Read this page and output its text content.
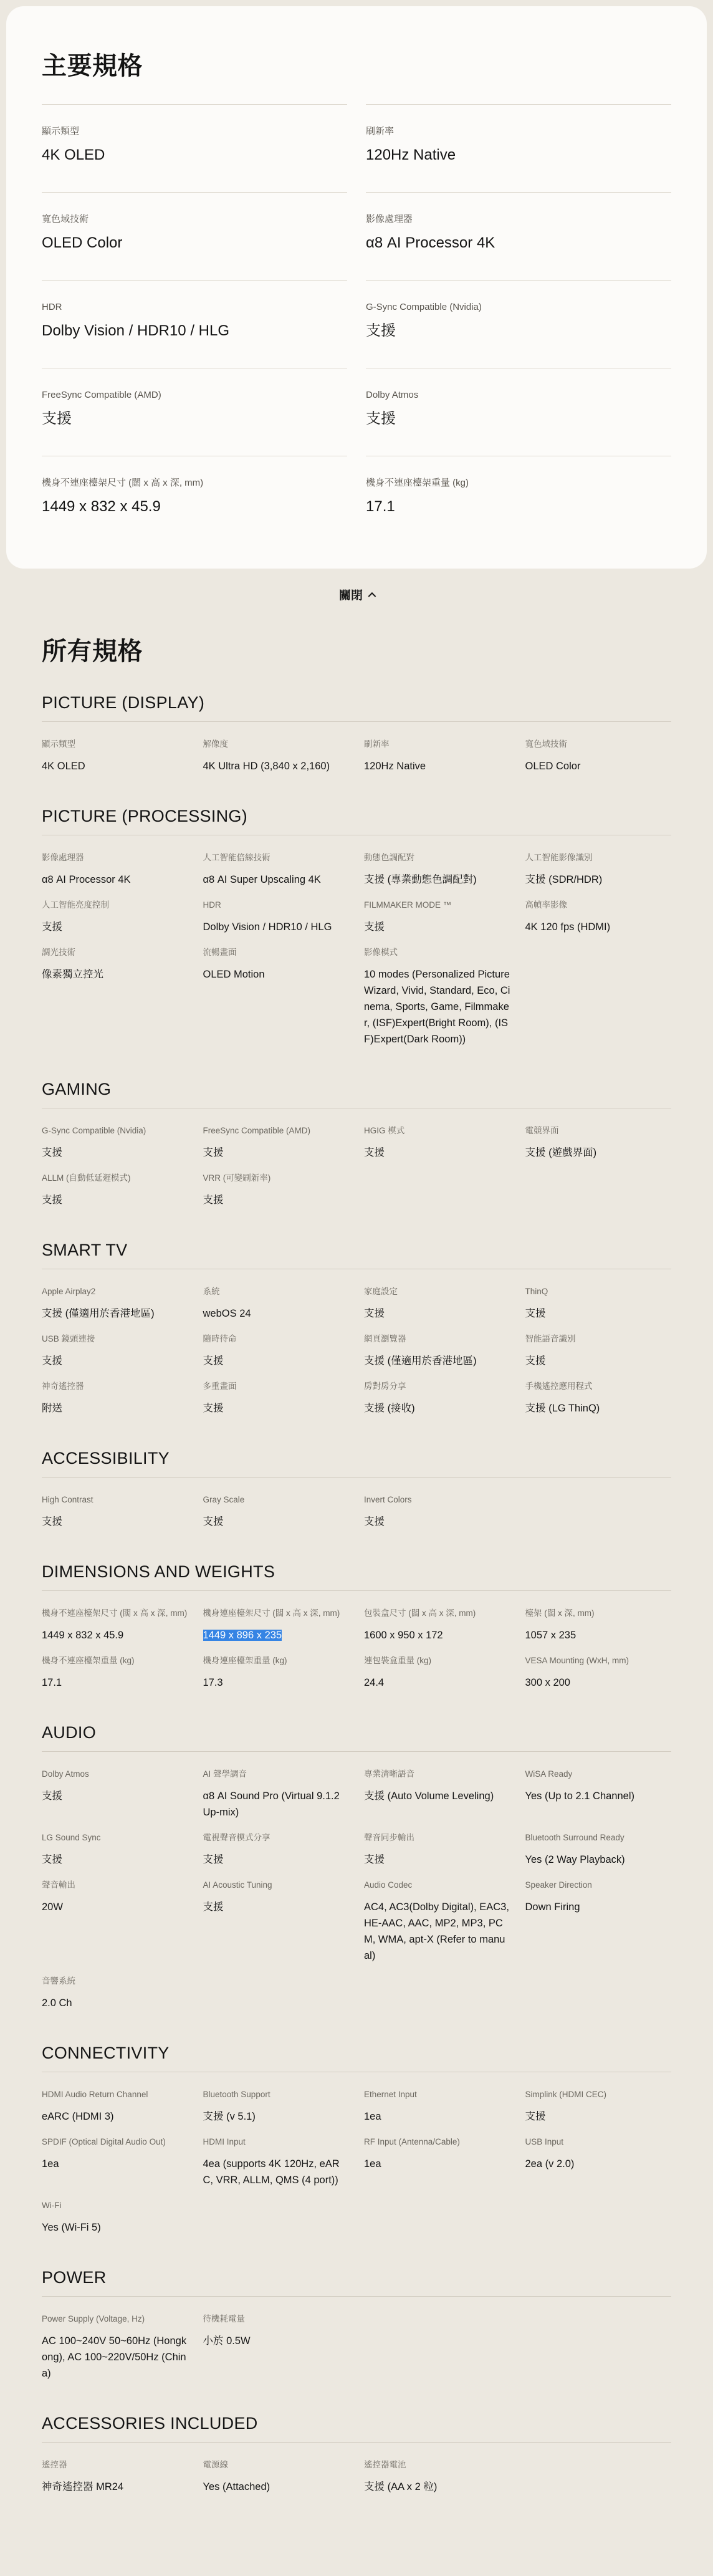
主要規格
顯示類型
4K OLED
刷新率
120Hz Native
寬色域技術
OLED Color
影像處理器
α8 AI Processor 4K
HDR
Dolby Vision / HDR10 / HLG
G-Sync Compatible (Nvidia)
支援
FreeSync Compatible (AMD)
支援
Dolby Atmos
支援
機身不連座檯架尺寸 (闊 x 高 x 深, mm)
1449 x 832 x 45.9
機身不連座檯架重量 (kg)
17.1
關閉
所有規格
PICTURE (DISPLAY)
顯示類型
4K OLED
解像度
4K Ultra HD (3,840 x 2,160)
刷新率
120Hz Native
寬色域技術
OLED Color
PICTURE (PROCESSING)
影像處理器
α8 AI Processor 4K
人工智能倍線技術
α8 AI Super Upscaling 4K
動態色調配對
支援 (專業動態色調配對)
人工智能影像識別
支援 (SDR/HDR)
人工智能亮度控制
支援
HDR
Dolby Vision / HDR10 / HLG
FILMMAKER MODE ™
支援
高幀率影像
4K 120 fps (HDMI)
調光技術
像素獨立控光
流暢畫面
OLED Motion
影像模式
10 modes (Personalized Picture Wizard, Vivid, Standard, Eco, Cinema, Sports, Game, Filmmaker, (ISF)Expert(Bright Room), (ISF)Expert(Dark Room))
GAMING
G-Sync Compatible (Nvidia)
支援
FreeSync Compatible (AMD)
支援
HGIG 模式
支援
電競界面
支援 (遊戲界面)
ALLM (自動低延遲模式)
支援
VRR (可變刷新率)
支援
SMART TV
Apple Airplay2
支援 (僅適用於香港地區)
系統
webOS 24
家庭設定
支援
ThinQ
支援
USB 鏡頭連接
支援
隨時待命
支援
網頁瀏覽器
支援 (僅適用於香港地區)
智能語音識別
支援
神奇遙控器
附送
多重畫面
支援
房對房分享
支援 (接收)
手機遙控應用程式
支援 (LG ThinQ)
ACCESSIBILITY
High Contrast
支援
Gray Scale
支援
Invert Colors
支援
DIMENSIONS AND WEIGHTS
機身不連座檯架尺寸 (闊 x 高 x 深, mm)
1449 x 832 x 45.9
機身連座檯架尺寸 (闊 x 高 x 深, mm)
1449 x 896 x 235
包裝盒尺寸 (闊 x 高 x 深, mm)
1600 x 950 x 172
檯架 (闊 x 深, mm)
1057 x 235
機身不連座檯架重量 (kg)
17.1
機身連座檯架重量 (kg)
17.3
連包裝盒重量 (kg)
24.4
VESA Mounting (WxH, mm)
300 x 200
AUDIO
Dolby Atmos
支援
AI 聲學調音
α8 AI Sound Pro (Virtual 9.1.2 Up-mix)
專業清晰語音
支援 (Auto Volume Leveling)
WiSA Ready
Yes (Up to 2.1 Channel)
LG Sound Sync
支援
電視聲音模式分享
支援
聲音同步輸出
支援
Bluetooth Surround Ready
Yes (2 Way Playback)
聲音輸出
20W
AI Acoustic Tuning
支援
Audio Codec
AC4, AC3(Dolby Digital), EAC3, HE-AAC, AAC, MP2, MP3, PCM, WMA, apt-X (Refer to manual)
Speaker Direction
Down Firing
音響系統
2.0 Ch
CONNECTIVITY
HDMI Audio Return Channel
eARC (HDMI 3)
Bluetooth Support
支援 (v 5.1)
Ethernet Input
1ea
Simplink (HDMI CEC)
支援
SPDIF (Optical Digital Audio Out)
1ea
HDMI Input
4ea (supports 4K 120Hz, eARC, VRR, ALLM, QMS (4 port))
RF Input (Antenna/Cable)
1ea
USB Input
2ea (v 2.0)
Wi-Fi
Yes (Wi-Fi 5)
POWER
Power Supply (Voltage, Hz)
AC 100~240V 50~60Hz (Hongkong), AC 100~220V/50Hz (China)
待機耗電量
小於 0.5W
ACCESSORIES INCLUDED
遙控器
神奇遙控器 MR24
電源線
Yes (Attached)
遙控器電池
支援 (AA x 2 粒)
